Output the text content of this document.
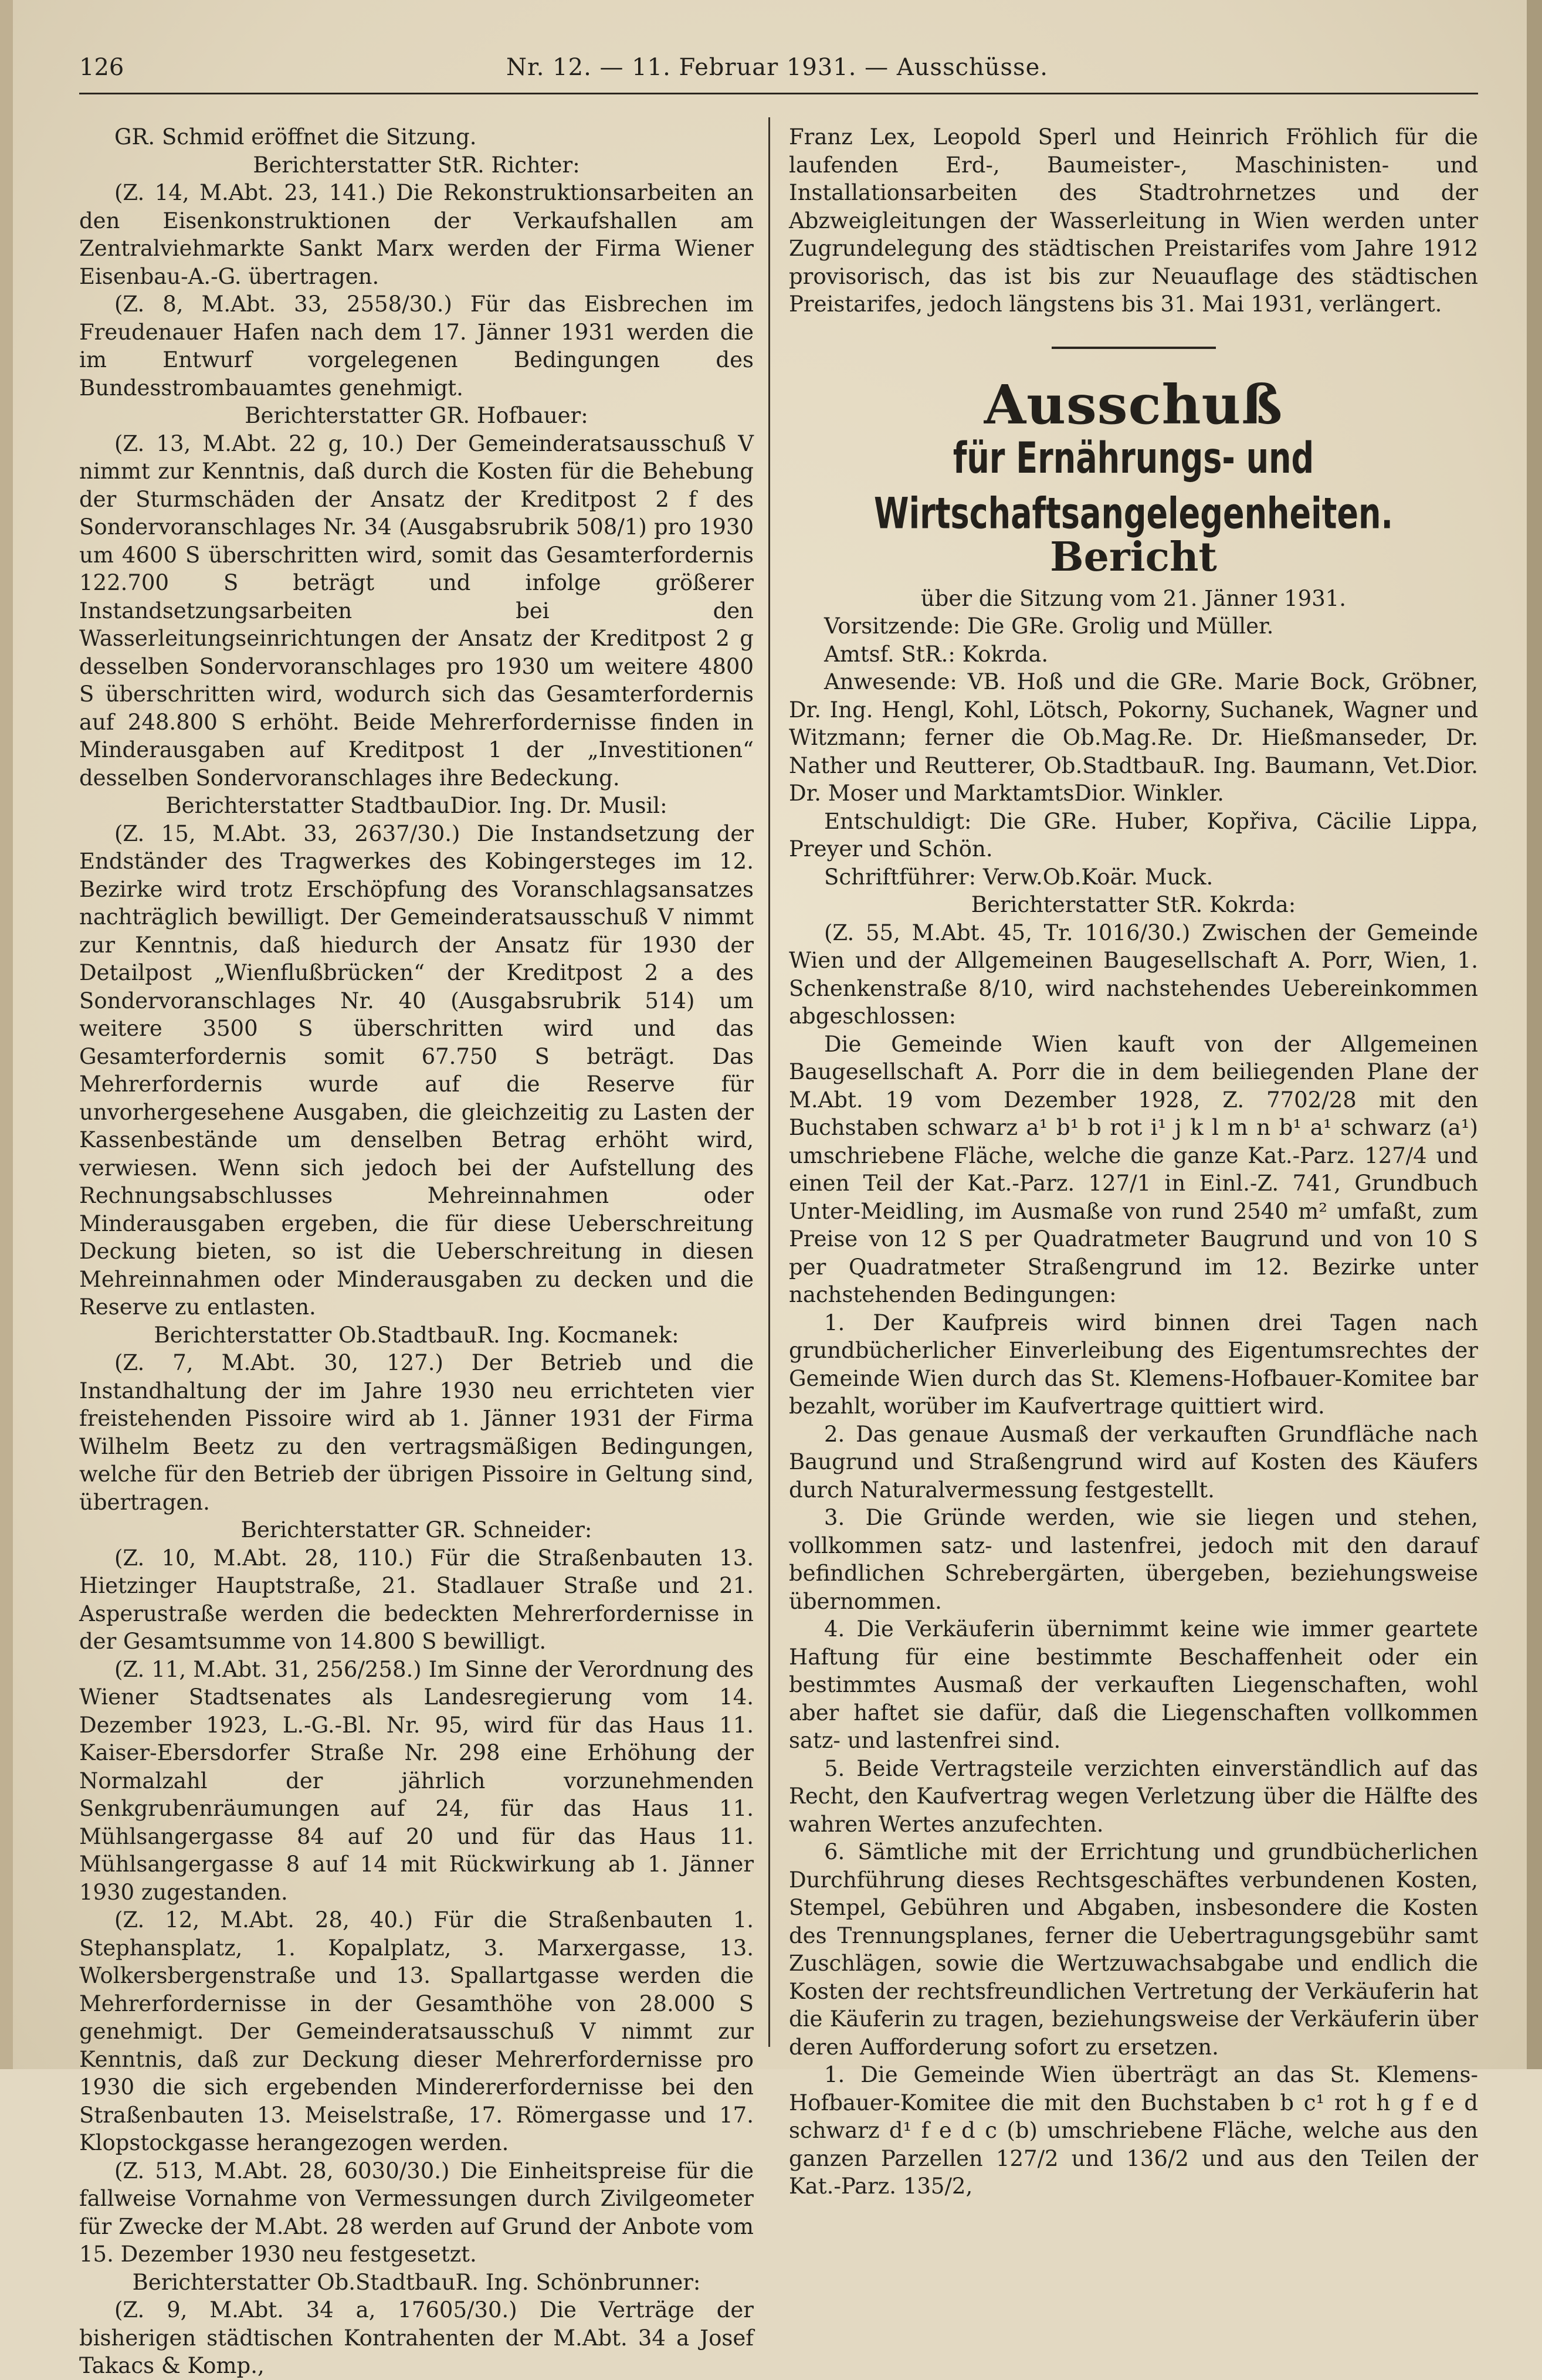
Nr. 12. — 11. Februar 1931. — Ausschüsse.
126

GR. Schmid eröffnet die Sitzung.

Berichterstatter StR. Richter:

(Z. 14, M.Abt. 23, 141.) Die Rekonstruktionsarbeiten an den Eisenkonstruktionen der Verkaufshallen am Zentralviehmarkte Sankt Marx werden der Firma Wiener Eisenbau-A.-G. übertragen.

(Z. 8, M.Abt. 33, 2558/30.) Für das Eisbrechen im Freudenauer Hafen nach dem 17. Jänner 1931 werden die im Entwurf vorgelegenen Bedingungen des Bundesstrombauamtes genehmigt.

Berichterstatter GR. Hofbauer:

(Z. 13, M.Abt. 22 g, 10.) Der Gemeinderatsausschuß V nimmt zur Kenntnis, daß durch die Kosten für die Behebung der Sturmschäden der Ansatz der Kreditpost 2 f des Sondervoranschlages Nr. 34 (Ausgabsrubrik 508/1) pro 1930 um 4600 S überschritten wird, somit das Gesamterfordernis 122.700 S beträgt und infolge größerer Instandsetzungsarbeiten bei den Wasserleitungseinrichtungen der Ansatz der Kreditpost 2 g desselben Sondervoranschlages pro 1930 um weitere 4800 S überschritten wird, wodurch sich das Gesamterfordernis auf 248.800 S erhöht. Beide Mehrerfordernisse finden in Minderausgaben auf Kreditpost 1 der „Investitionen“ desselben Sondervoranschlages ihre Bedeckung.

Berichterstatter StadtbauDior. Ing. Dr. Musil:

(Z. 15, M.Abt. 33, 2637/30.) Die Instandsetzung der Endständer des Tragwerkes des Kobingersteges im 12. Bezirke wird trotz Erschöpfung des Voranschlagsansatzes nachträglich bewilligt. Der Gemeinderatsausschuß V nimmt zur Kenntnis, daß hiedurch der Ansatz für 1930 der Detailpost „Wienflußbrücken“ der Kreditpost 2 a des Sondervoranschlages Nr. 40 (Ausgabsrubrik 514) um weitere 3500 S überschritten wird und das Gesamterfordernis somit 67.750 S beträgt. Das Mehrerfordernis wurde auf die Reserve für unvorhergesehene Ausgaben, die gleichzeitig zu Lasten der Kassenbestände um denselben Betrag erhöht wird, verwiesen. Wenn sich jedoch bei der Aufstellung des Rechnungsabschlusses Mehreinnahmen oder Minderausgaben ergeben, die für diese Ueberschreitung Deckung bieten, so ist die Ueberschreitung in diesen Mehreinnahmen oder Minderausgaben zu decken und die Reserve zu entlasten.

Berichterstatter Ob.StadtbauR. Ing. Kocmanek:

(Z. 7, M.Abt. 30, 127.) Der Betrieb und die Instandhaltung der im Jahre 1930 neu errichteten vier freistehenden Pissoire wird ab 1. Jänner 1931 der Firma Wilhelm Beetz zu den vertragsmäßigen Bedingungen, welche für den Betrieb der übrigen Pissoire in Geltung sind, übertragen.

Berichterstatter GR. Schneider:

(Z. 10, M.Abt. 28, 110.) Für die Straßenbauten 13. Hietzinger Hauptstraße, 21. Stadlauer Straße und 21. Asperustraße werden die bedeckten Mehrerfordernisse in der Gesamtsumme von 14.800 S bewilligt.

(Z. 11, M.Abt. 31, 256/258.) Im Sinne der Verordnung des Wiener Stadtsenates als Landesregierung vom 14. Dezember 1923, L.-G.-Bl. Nr. 95, wird für das Haus 11. Kaiser-Ebersdorfer Straße Nr. 298 eine Erhöhung der Normalzahl der jährlich vorzunehmenden Senkgrubenräumungen auf 24, für das Haus 11. Mühlsangergasse 84 auf 20 und für das Haus 11. Mühlsangergasse 8 auf 14 mit Rückwirkung ab 1. Jänner 1930 zugestanden.

(Z. 12, M.Abt. 28, 40.) Für die Straßenbauten 1. Stephansplatz, 1. Kopalplatz, 3. Marxergasse, 13. Wolkersbergenstraße und 13. Spallartgasse werden die Mehrerfordernisse in der Gesamthöhe von 28.000 S genehmigt. Der Gemeinderatsausschuß V nimmt zur Kenntnis, daß zur Deckung dieser Mehrerfordernisse pro 1930 die sich ergebenden Mindererfordernisse bei den Straßenbauten 13. Meiselstraße, 17. Römergasse und 17. Klopstockgasse herangezogen werden.

(Z. 513, M.Abt. 28, 6030/30.) Die Einheitspreise für die fallweise Vornahme von Vermessungen durch Zivilgeometer für Zwecke der M.Abt. 28 werden auf Grund der Anbote vom 15. Dezember 1930 neu festgesetzt.

Berichterstatter Ob.StadtbauR. Ing. Schönbrunner:

(Z. 9, M.Abt. 34 a, 17605/30.) Die Verträge der bisherigen städtischen Kontrahenten der M.Abt. 34 a Josef Takacs & Komp.,

Franz Lex, Leopold Sperl und Heinrich Fröhlich für die laufenden Erd-, Baumeister-, Maschinisten- und Installationsarbeiten des Stadtrohrnetzes und der Abzweigleitungen der Wasserleitung in Wien werden unter Zugrundelegung des städtischen Preistarifes vom Jahre 1912 provisorisch, das ist bis zur Neuauflage des städtischen Preistarifes, jedoch längstens bis 31. Mai 1931, verlängert.

Ausschuß
für Ernährungs- und Wirtschaftsangelegenheiten.
Bericht

über die Sitzung vom 21. Jänner 1931.

Vorsitzende: Die GRe. Grolig und Müller.

Amtsf. StR.: Kokrda.

Anwesende: VB. Hoß und die GRe. Marie Bock, Gröbner, Dr. Ing. Hengl, Kohl, Lötsch, Pokorny, Suchanek, Wagner und Witzmann; ferner die Ob.Mag.Re. Dr. Hießmanseder, Dr. Nather und Reutterer, Ob.StadtbauR. Ing. Baumann, Vet.Dior. Dr. Moser und MarktamtsDior. Winkler.

Entschuldigt: Die GRe. Huber, Kopřiva, Cäcilie Lippa, Preyer und Schön.

Schriftführer: Verw.Ob.Koär. Muck.

Berichterstatter StR. Kokrda:

(Z. 55, M.Abt. 45, Tr. 1016/30.) Zwischen der Gemeinde Wien und der Allgemeinen Baugesellschaft A. Porr, Wien, 1. Schenkenstraße 8/10, wird nachstehendes Uebereinkommen abgeschlossen:

Die Gemeinde Wien kauft von der Allgemeinen Baugesellschaft A. Porr die in dem beiliegenden Plane der M.Abt. 19 vom Dezember 1928, Z. 7702/28 mit den Buchstaben schwarz a¹ b¹ b rot i¹ j k l m n b¹ a¹ schwarz (a¹) umschriebene Fläche, welche die ganze Kat.-Parz. 127/4 und einen Teil der Kat.-Parz. 127/1 in Einl.-Z. 741, Grundbuch Unter-Meidling, im Ausmaße von rund 2540 m² umfaßt, zum Preise von 12 S per Quadratmeter Baugrund und von 10 S per Quadratmeter Straßengrund im 12. Bezirke unter nachstehenden Bedingungen:

1. Der Kaufpreis wird binnen drei Tagen nach grundbücherlicher Einverleibung des Eigentumsrechtes der Gemeinde Wien durch das St. Klemens-Hofbauer-Komitee bar bezahlt, worüber im Kaufvertrage quittiert wird.

2. Das genaue Ausmaß der verkauften Grundfläche nach Baugrund und Straßengrund wird auf Kosten des Käufers durch Naturalvermessung festgestellt.

3. Die Gründe werden, wie sie liegen und stehen, vollkommen satz- und lastenfrei, jedoch mit den darauf befindlichen Schrebergärten, übergeben, beziehungsweise übernommen.

4. Die Verkäuferin übernimmt keine wie immer geartete Haftung für eine bestimmte Beschaffenheit oder ein bestimmtes Ausmaß der verkauften Liegenschaften, wohl aber haftet sie dafür, daß die Liegenschaften vollkommen satz- und lastenfrei sind.

5. Beide Vertragsteile verzichten einverständlich auf das Recht, den Kaufvertrag wegen Verletzung über die Hälfte des wahren Wertes anzufechten.

6. Sämtliche mit der Errichtung und grundbücherlichen Durchführung dieses Rechtsgeschäftes verbundenen Kosten, Stempel, Gebühren und Abgaben, insbesondere die Kosten des Trennungsplanes, ferner die Uebertragungsgebühr samt Zuschlägen, sowie die Wertzuwachsabgabe und endlich die Kosten der rechtsfreundlichen Vertretung der Verkäuferin hat die Käuferin zu tragen, beziehungsweise der Verkäuferin über deren Aufforderung sofort zu ersetzen.

1. Die Gemeinde Wien überträgt an das St. Klemens-Hofbauer-Komitee die mit den Buchstaben b c¹ rot h g f e d schwarz d¹ f e d c (b) umschriebene Fläche, welche aus den ganzen Parzellen 127/2 und 136/2 und aus den Teilen der Kat.-Parz. 135/2,
